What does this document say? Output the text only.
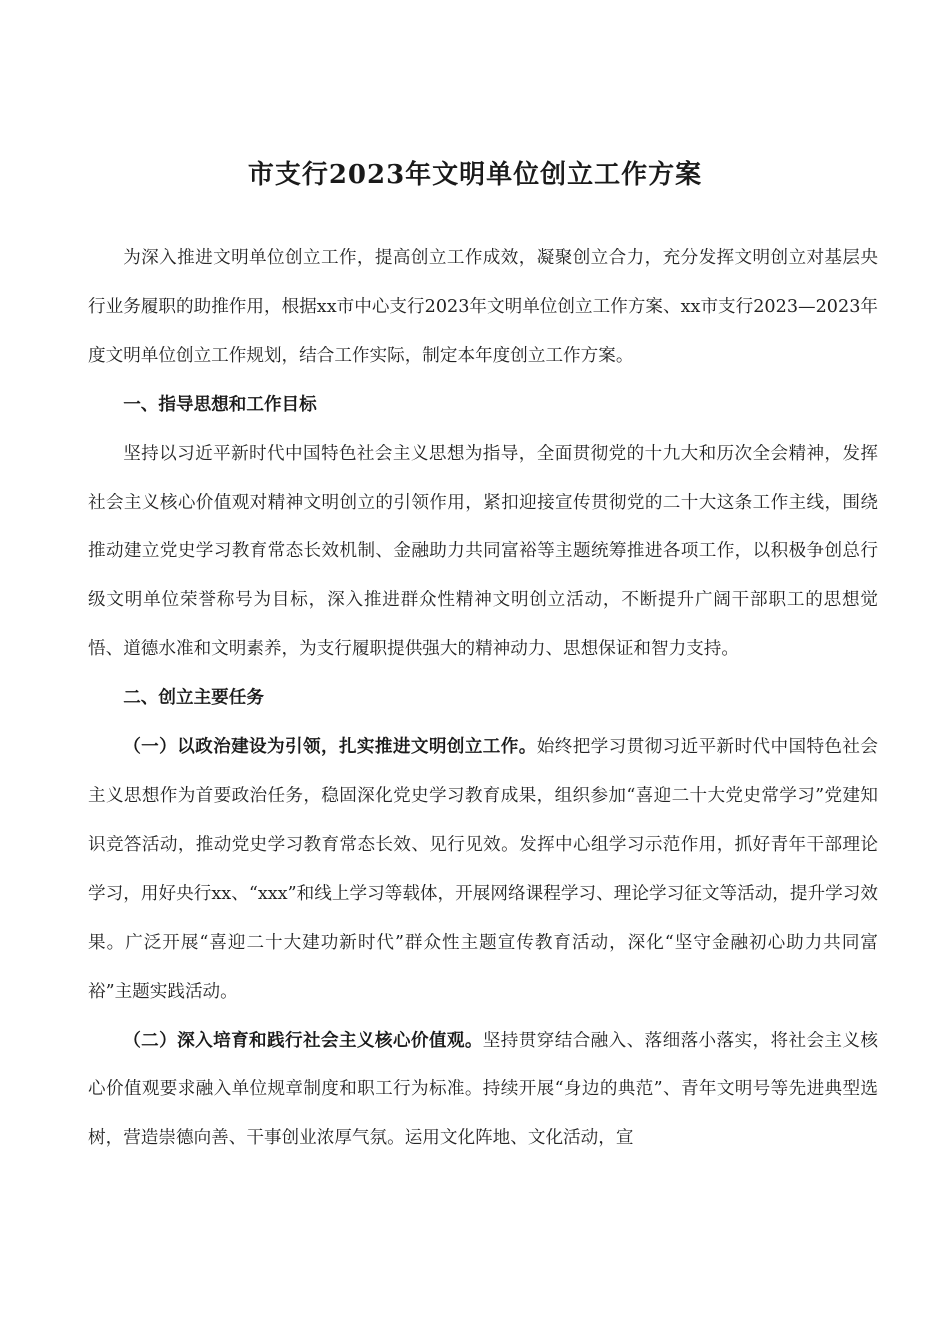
市支行2023年文明单位创立工作方案

为深入推进文明单位创立工作，提高创立工作成效，凝聚创立合力，充分发挥文明创立对基层央行业务履职的助推作用，根据xx市中心支行2023年文明单位创立工作方案、xx市支行2023—2023年度文明单位创立工作规划，结合工作实际，制定本年度创立工作方案。

一、指导思想和工作目标

坚持以习近平新时代中国特色社会主义思想为指导，全面贯彻党的十九大和历次全会精神，发挥社会主义核心价值观对精神文明创立的引领作用，紧扣迎接宣传贯彻党的二十大这条工作主线，围绕推动建立党史学习教育常态长效机制、金融助力共同富裕等主题统筹推进各项工作，以积极争创总行级文明单位荣誉称号为目标，深入推进群众性精神文明创立活动，不断提升广阔干部职工的思想觉悟、道德水准和文明素养，为支行履职提供强大的精神动力、思想保证和智力支持。

二、创立主要任务

（一）以政治建设为引领，扎实推进文明创立工作。始终把学习贯彻习近平新时代中国特色社会主义思想作为首要政治任务，稳固深化党史学习教育成果，组织参加“喜迎二十大党史常学习”党建知识竞答活动，推动党史学习教育常态长效、见行见效。发挥中心组学习示范作用，抓好青年干部理论学习，用好央行xx、“xxx”和线上学习等载体，开展网络课程学习、理论学习征文等活动，提升学习效果。广泛开展“喜迎二十大建功新时代”群众性主题宣传教育活动，深化“坚守金融初心助力共同富裕”主题实践活动。

（二）深入培育和践行社会主义核心价值观。坚持贯穿结合融入、落细落小落实，将社会主义核心价值观要求融入单位规章制度和职工行为标准。持续开展“身边的典范”、青年文明号等先进典型选树，营造崇德向善、干事创业浓厚气氛。运用文化阵地、文化活动，宣
